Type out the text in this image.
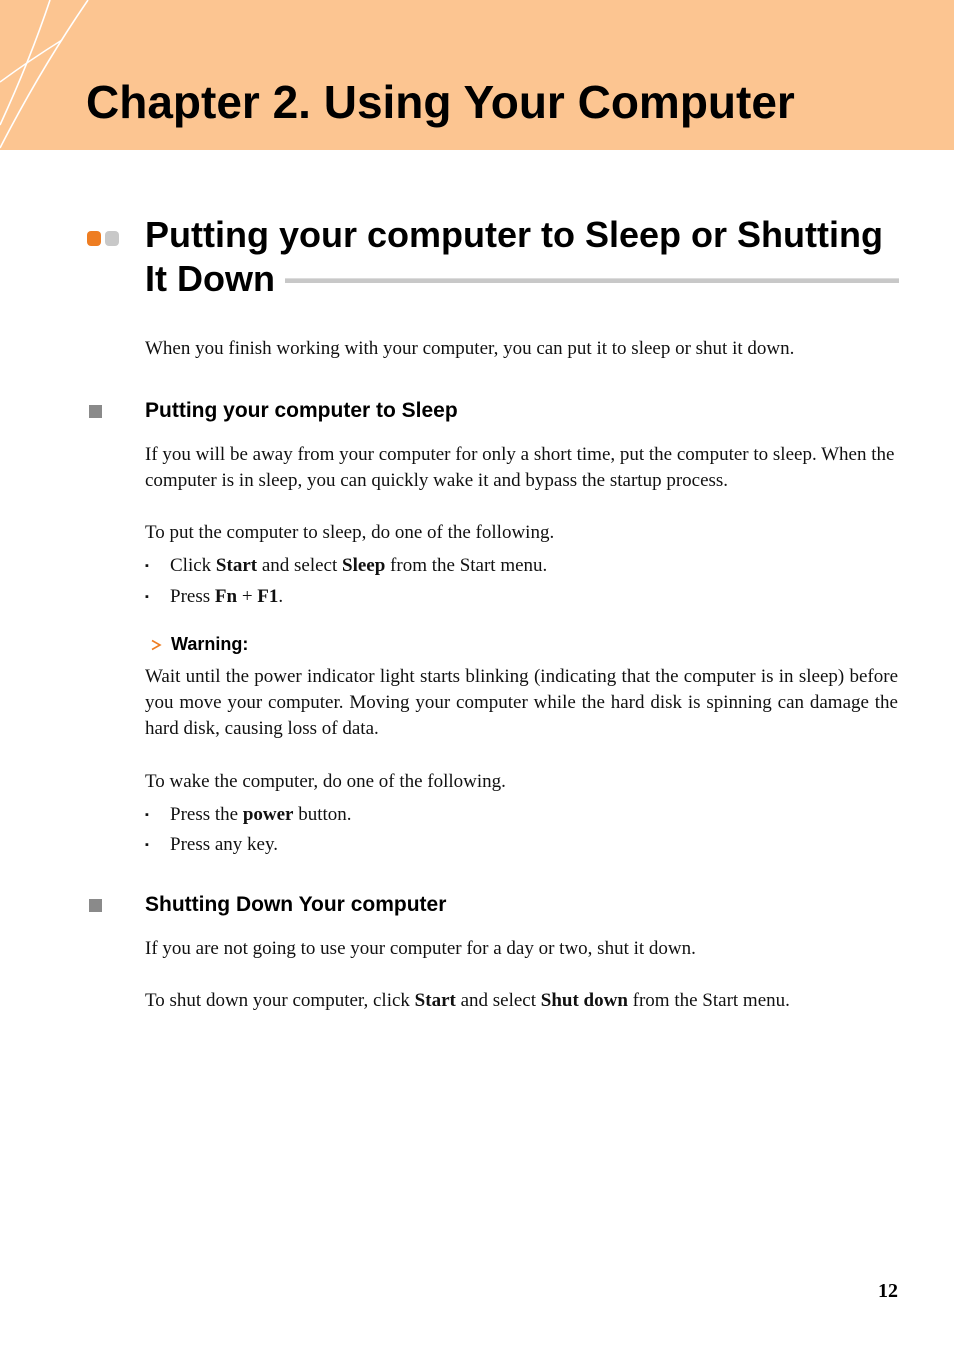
Chapter 2. Using Your Computer
Putting your computer to Sleep or Shutting It Down

When you finish working with your computer, you can put it to sleep or shut it down.

Putting your computer to Sleep

If you will be away from your computer for only a short time, put the computer to sleep. When the computer is in sleep, you can quickly wake it and bypass the startup process.

To put the computer to sleep, do one of the following.

▪ Click Start and select Sleep from the Start menu.

▪ Press Fn + F1.

Warning:

Wait until the power indicator light starts blinking (indicating that the computer is in sleep) before you move your computer. Moving your computer while the hard disk is spinning can damage the hard disk, causing loss of data.

To wake the computer, do one of the following.

▪ Press the power button.

▪ Press any key.

Shutting Down Your computer

If you are not going to use your computer for a day or two, shut it down.

To shut down your computer, click Start and select Shut down from the Start menu.

12
